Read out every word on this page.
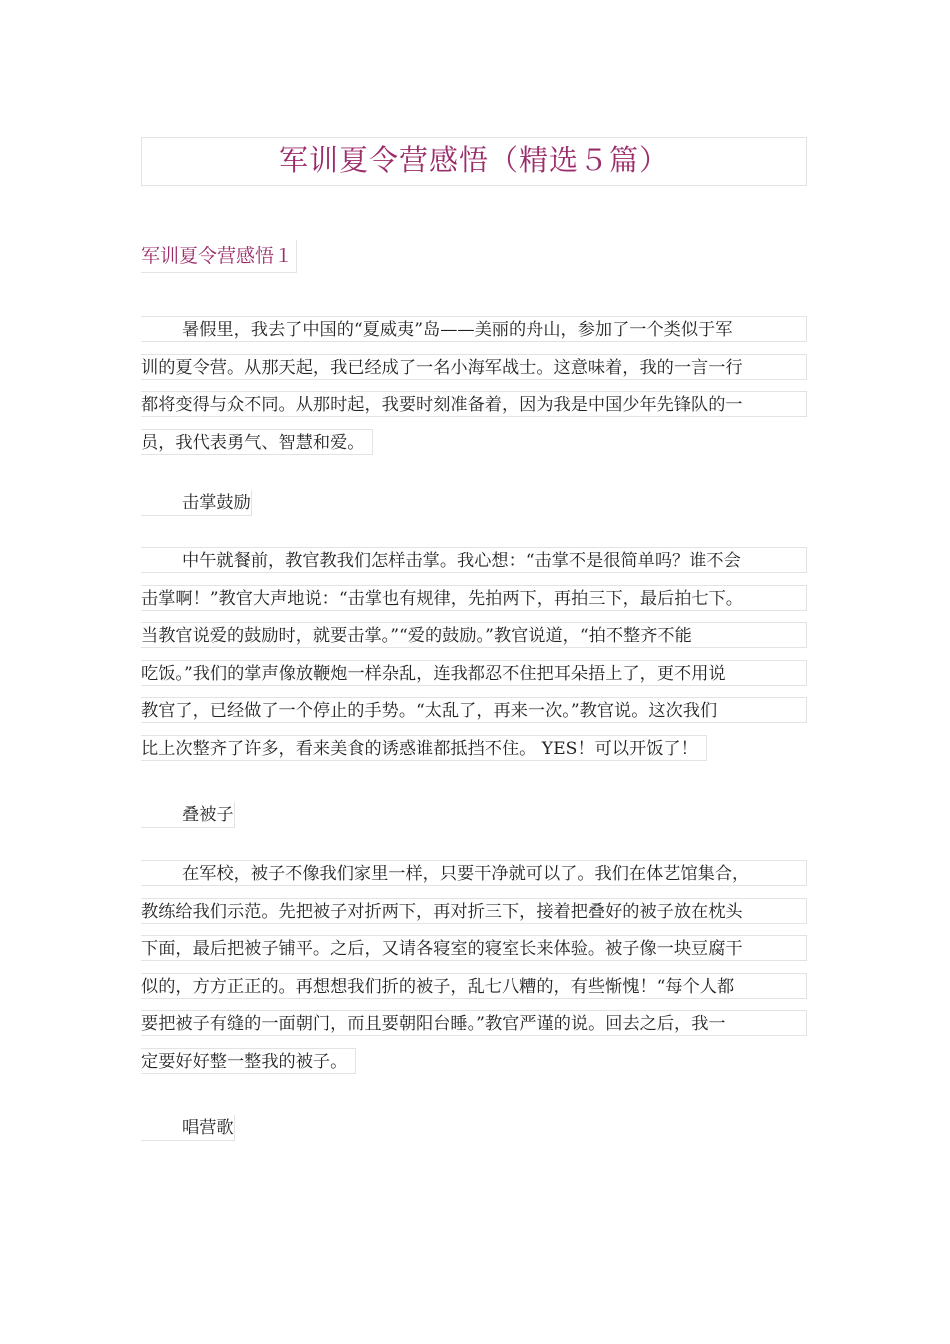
军训夏令营感悟（精选５篇）
军训夏令营感悟１
暑假里，我去了中国的“夏威夷”岛——美丽的舟山，参加了一个类似于军
训的夏令营。从那天起，我已经成了一名小海军战士。这意味着，我的一言一行
都将变得与众不同。从那时起，我要时刻准备着，因为我是中国少年先锋队的一
员，我代表勇气、智慧和爱。
击掌鼓励
中午就餐前，教官教我们怎样击掌。我心想：“击掌不是很简单吗？谁不会
击掌啊！”教官大声地说：“击掌也有规律，先拍两下，再拍三下，最后拍七下。
当教官说爱的鼓励时，就要击掌。”“爱的鼓励。”教官说道，“拍不整齐不能
吃饭。”我们的掌声像放鞭炮一样杂乱，连我都忍不住把耳朵捂上了，更不用说
教官了，已经做了一个停止的手势。“太乱了，再来一次。”教官说。这次我们
比上次整齐了许多，看来美食的诱惑谁都抵挡不住。 YES！可以开饭了！
叠被子
在军校，被子不像我们家里一样，只要干净就可以了。我们在体艺馆集合，
教练给我们示范。先把被子对折两下，再对折三下，接着把叠好的被子放在枕头
下面，最后把被子铺平。之后，又请各寝室的寝室长来体验。被子像一块豆腐干
似的，方方正正的。再想想我们折的被子，乱七八糟的，有些惭愧！“每个人都
要把被子有缝的一面朝门，而且要朝阳台睡。”教官严谨的说。回去之后，我一
定要好好整一整我的被子。
唱营歌
